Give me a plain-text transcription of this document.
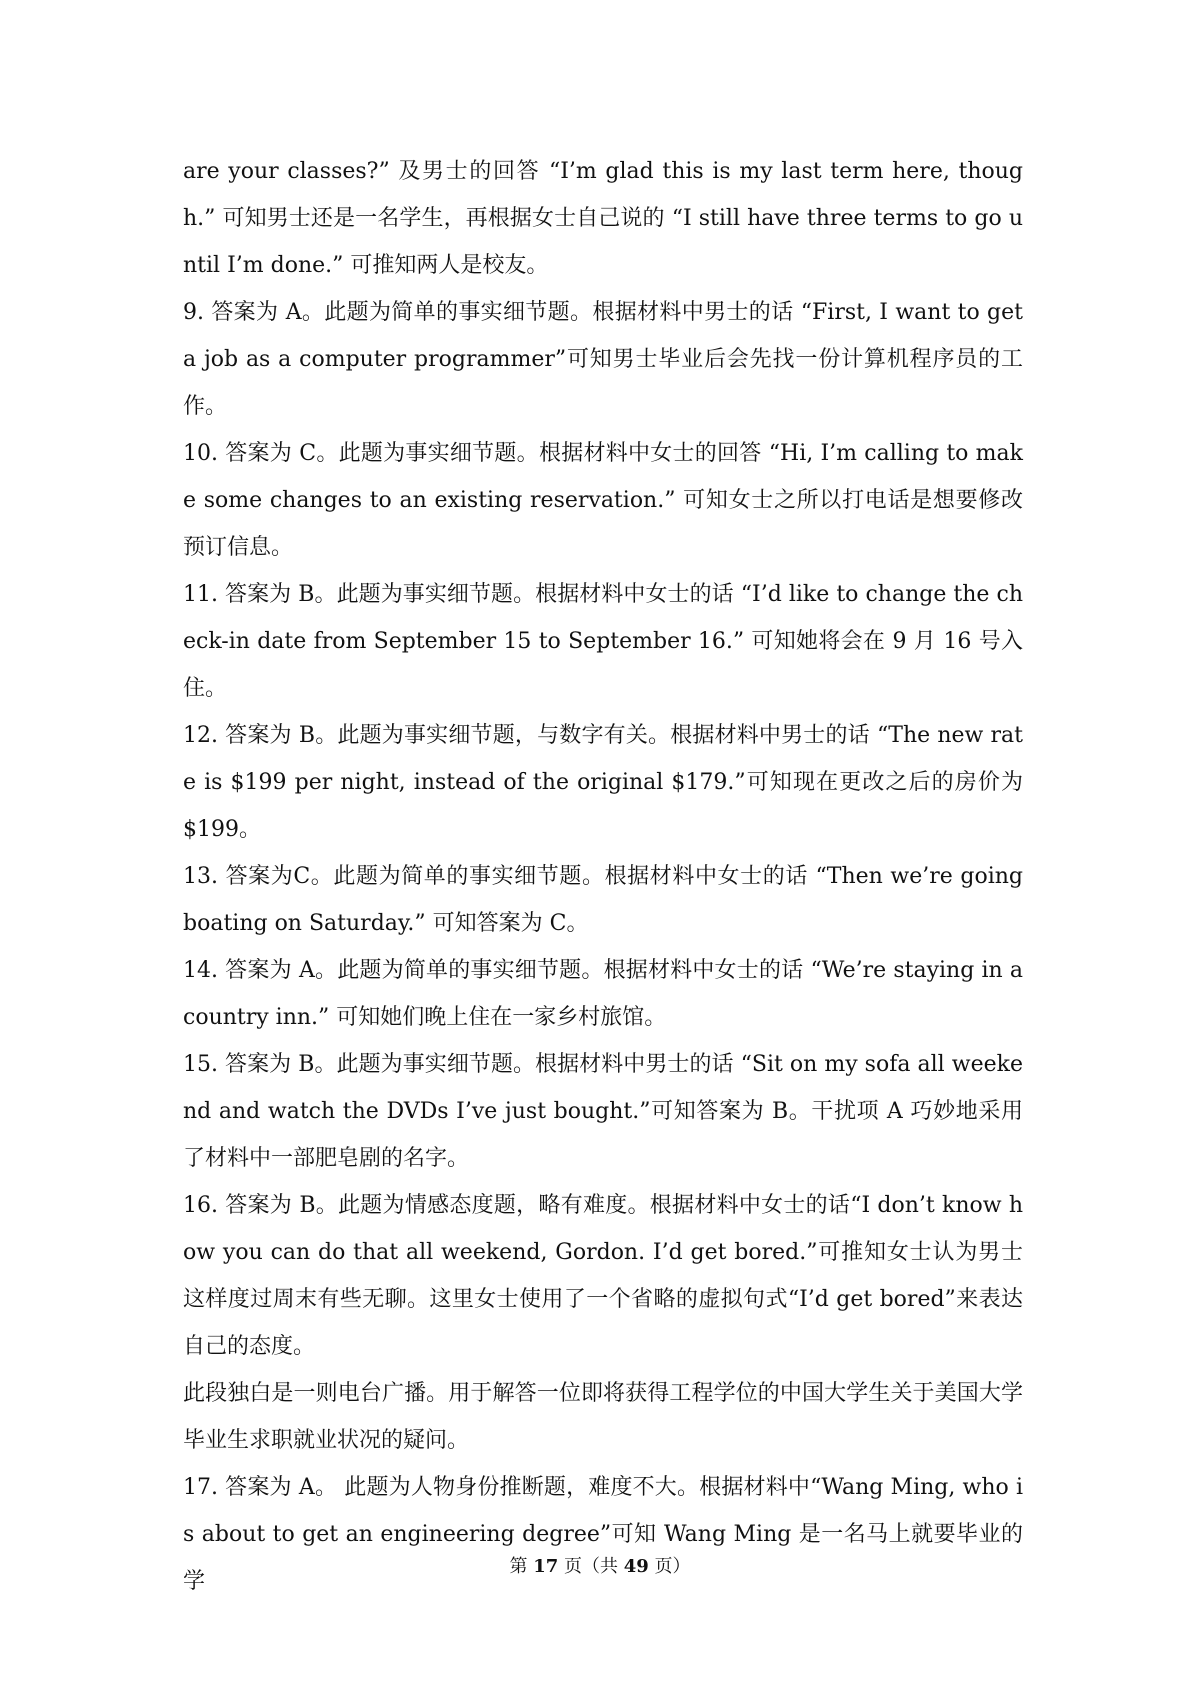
are your classes?” 及男士的回答 “I’m glad this is my last term here, though.” 可知男士还是一名学生，再根据女士自己说的 “I still have three terms to go until I’m done.” 可推知两人是校友。

9. 答案为 A。此题为简单的事实细节题。根据材料中男士的话 “First, I want to get a job as a computer programmer”可知男士毕业后会先找一份计算机程序员的工作。

10. 答案为 C。此题为事实细节题。根据材料中女士的回答 “Hi, I’m calling to make some changes to an existing reservation.” 可知女士之所以打电话是想要修改预订信息。

11. 答案为 B。此题为事实细节题。根据材料中女士的话 “I’d like to change the check-in date from September 15 to September 16.” 可知她将会在 9 月 16 号入住。

12. 答案为 B。此题为事实细节题，与数字有关。根据材料中男士的话 “The new rate is $199 per night, instead of the original $179.”可知现在更改之后的房价为 $199。

13. 答案为C。此题为简单的事实细节题。根据材料中女士的话 “Then we’re going boating on Saturday.” 可知答案为 C。

14. 答案为 A。此题为简单的事实细节题。根据材料中女士的话 “We’re staying in a country inn.” 可知她们晚上住在一家乡村旅馆。

15. 答案为 B。此题为事实细节题。根据材料中男士的话 “Sit on my sofa all weekend and watch the DVDs I’ve just bought.”可知答案为 B。干扰项 A 巧妙地采用了材料中一部肥皂剧的名字。

16. 答案为 B。此题为情感态度题，略有难度。根据材料中女士的话“I don’t know how you can do that all weekend, Gordon. I’d get bored.”可推知女士认为男士这样度过周末有些无聊。这里女士使用了一个省略的虚拟句式“I’d get bored”来表达自己的态度。

此段独白是一则电台广播。用于解答一位即将获得工程学位的中国大学生关于美国大学毕业生求职就业状况的疑问。

17. 答案为 A。 此题为人物身份推断题，难度不大。根据材料中“Wang Ming, who is about to get an engineering degree”可知 Wang Ming 是一名马上就要毕业的学

第 17 页（共 49 页）
